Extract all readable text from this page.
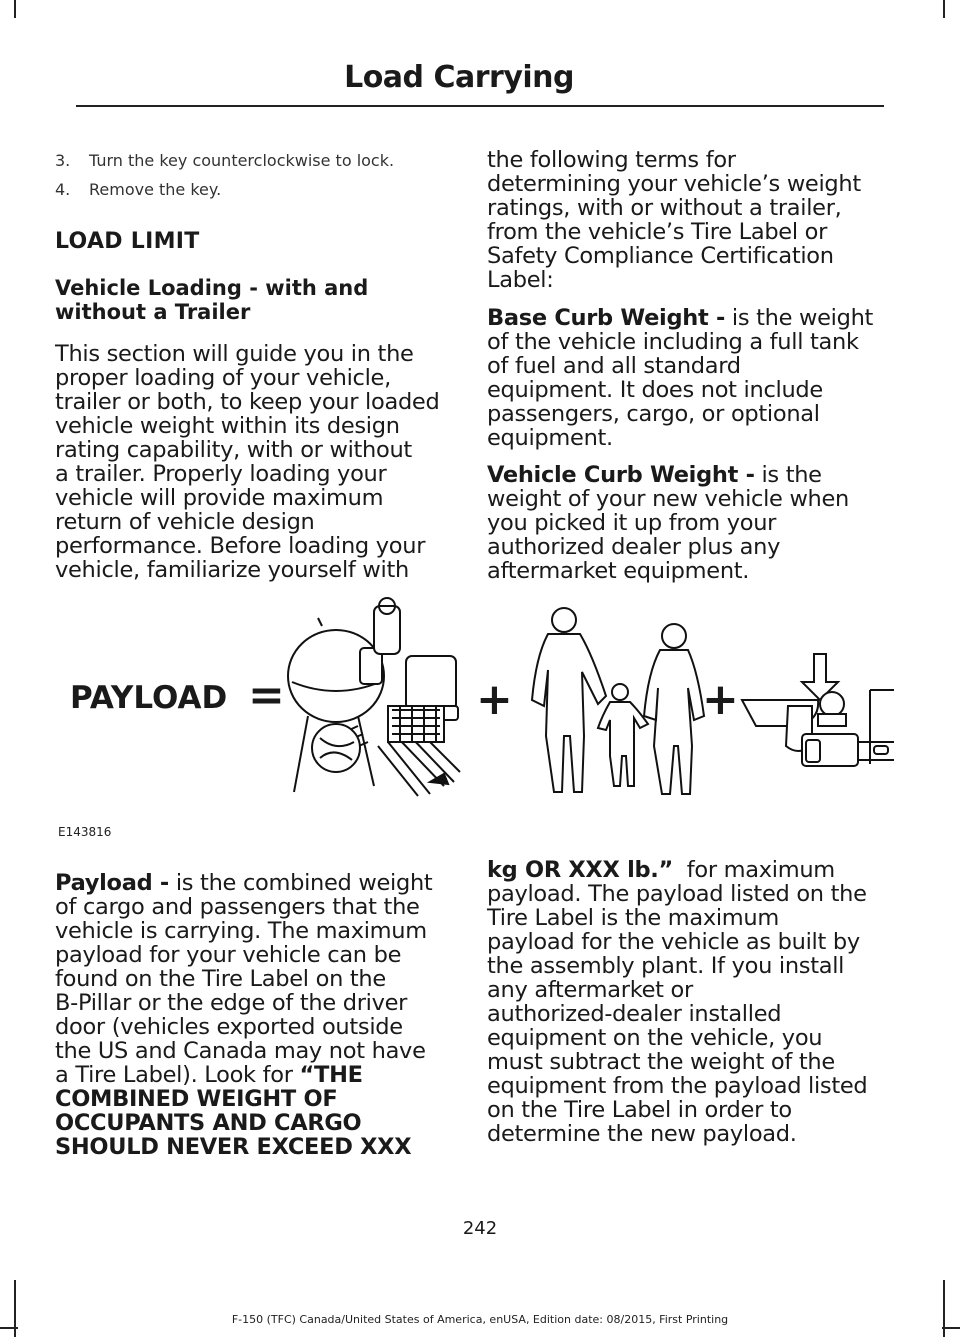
Load Carrying
3. Turn the key counterclockwise to lock.
4. Remove the key.
LOAD LIMIT
Vehicle Loading - with and
without a Trailer
This section will guide you in the
proper loading of your vehicle,
trailer or both, to keep your loaded
vehicle weight within its design
rating capability, with or without
a trailer. Properly loading your
vehicle will provide maximum
return of vehicle design
performance. Before loading your
vehicle, familiarize yourself with
the following terms for
determining your vehicle’s weight
ratings, with or without a trailer,
from the vehicle’s Tire Label or
Safety Compliance Certification
Label:
Base Curb Weight - is the weight
of the vehicle including a full tank
of fuel and all standard
equipment. It does not include
passengers, cargo, or optional
equipment.
Vehicle Curb Weight - is the
weight of your new vehicle when
you picked it up from your
authorized dealer plus any
aftermarket equipment.
PAYLOAD =	+	+
E143816
Payload - is the combined weight
of cargo and passengers that the
vehicle is carrying. The maximum
payload for your vehicle can be
found on the Tire Label on the
B-Pillar or the edge of the driver
door (vehicles exported outside
the US and Canada may not have
a Tire Label). Look for “THE
COMBINED WEIGHT OF
OCCUPANTS AND CARGO
SHOULD NEVER EXCEED XXX
kg OR XXX lb.”  for maximum
payload. The payload listed on the
Tire Label is the maximum
payload for the vehicle as built by
the assembly plant. If you install
any aftermarket or
authorized-dealer installed
equipment on the vehicle, you
must subtract the weight of the
equipment from the payload listed
on the Tire Label in order to
determine the new payload.
242
F-150 (TFC) Canada/United States of America, enUSA, Edition date: 08/2015, First Printing
